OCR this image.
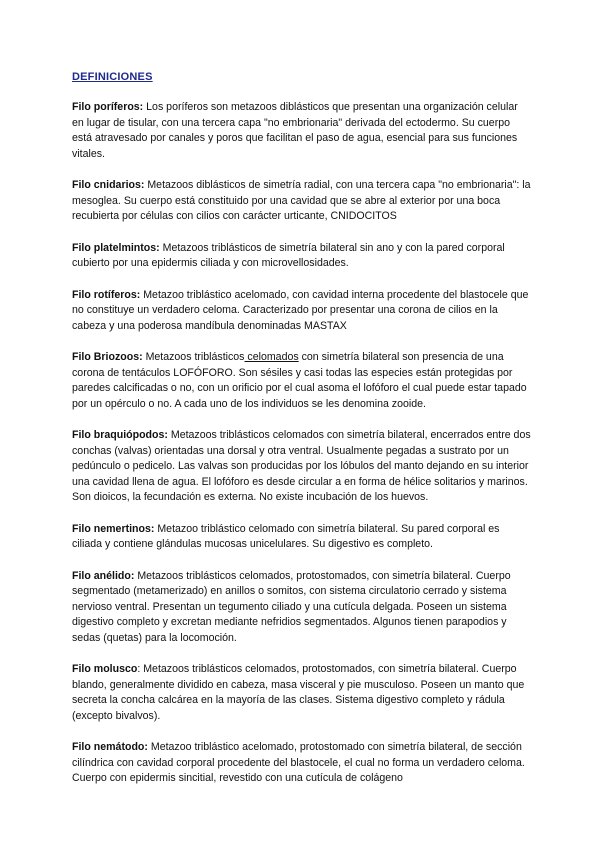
DEFINICIONES

Filo poríferos: Los poríferos son metazoos diblásticos que presentan una organización celular en lugar de tisular, con una tercera capa "no embrionaria" derivada del ectodermo. Su cuerpo está atravesado por canales y poros que facilitan el paso de agua, esencial para sus funciones vitales.

Filo cnidarios: Metazoos diblásticos de simetría radial, con una tercera capa "no embrionaria": la mesoglea. Su cuerpo está constituido por una cavidad que se abre al exterior por una boca recubierta por células con cilios con carácter urticante, CNIDOCITOS

Filo platelmintos: Metazoos triblásticos de simetría bilateral sin ano y con la pared corporal cubierto por una epidermis ciliada y con microvellosidades.

Filo rotíferos: Metazoo triblástico acelomado, con cavidad interna procedente del blastocele que no constituye un verdadero celoma. Caracterizado por presentar una corona de cilios en la cabeza y una poderosa mandíbula denominadas MASTAX

Filo Briozoos: Metazoos triblásticos celomados con simetría bilateral son presencia de una corona de tentáculos LOFÓFORO. Son sésiles y casi todas las especies están protegidas por paredes calcificadas o no, con un orificio por el cual asoma el lofóforo el cual puede estar tapado por un opérculo o no. A cada uno de los individuos se les denomina zooide.

Filo braquiópodos: Metazoos triblásticos celomados con simetría bilateral, encerrados entre dos conchas (valvas) orientadas una dorsal y otra ventral. Usualmente pegadas a sustrato por un pedúnculo o pedicelo. Las valvas son producidas por los lóbulos del manto dejando en su interior una cavidad llena de agua. El lofóforo es desde circular a en forma de hélice solitarios y marinos. Son dioicos, la fecundación es externa. No existe incubación de los huevos.

Filo nemertinos: Metazoo triblástico celomado con simetría bilateral. Su pared corporal es ciliada y contiene glándulas mucosas unicelulares. Su digestivo es completo.

Filo anélido: Metazoos triblásticos celomados, protostomados, con simetría bilateral. Cuerpo segmentado (metamerizado) en anillos o somitos, con sistema circulatorio cerrado y sistema nervioso ventral. Presentan un tegumento ciliado y una cutícula delgada. Poseen un sistema digestivo completo y excretan mediante nefridios segmentados. Algunos tienen parapodios y sedas (quetas) para la locomoción.

Filo molusco: Metazoos triblásticos celomados, protostomados, con simetría bilateral. Cuerpo blando, generalmente dividido en cabeza, masa visceral y pie musculoso. Poseen un manto que secreta la concha calcárea en la mayoría de las clases. Sistema digestivo completo y rádula (excepto bivalvos).

Filo nemátodo: Metazoo triblástico acelomado, protostomado con simetría bilateral, de sección cilíndrica con cavidad corporal procedente del blastocele, el cual no forma un verdadero celoma. Cuerpo con epidermis sincitial, revestido con una cutícula de colágeno
